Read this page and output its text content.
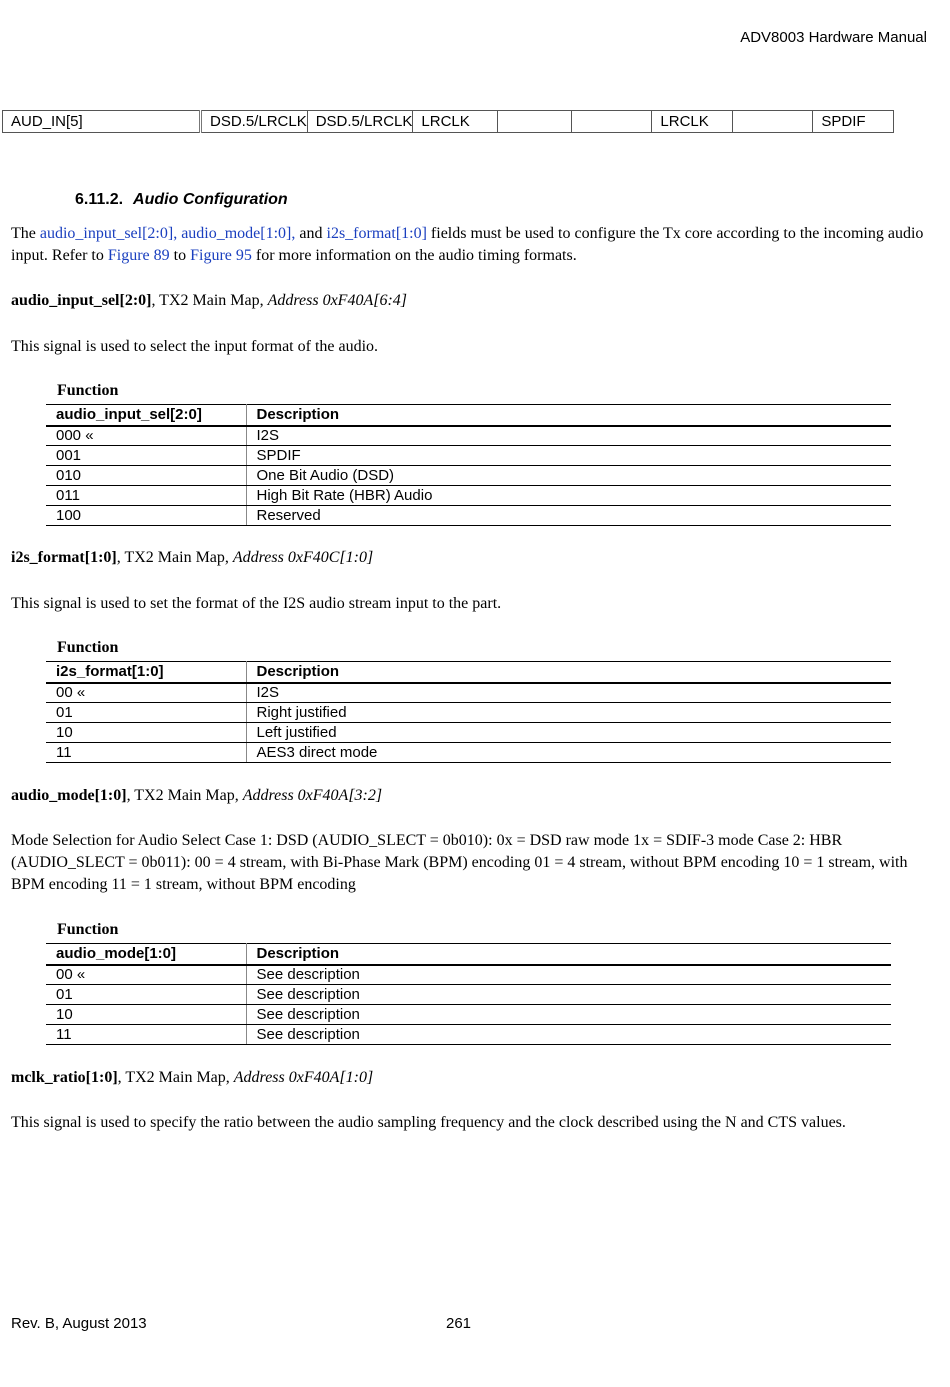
ADV8003 Hardware Manual
AUD_IN[5]	DSD.5/LRCLK	DSD.5/LRCLK	LRCLK			LRCLK		SPDIF
6.11.2. Audio Configuration
The audio_input_sel[2:0], audio_mode[1:0], and i2s_format[1:0] fields must be used to configure the Tx core according to the incoming audio input. Refer to Figure 89 to Figure 95 for more information on the audio timing formats.
audio_input_sel[2:0], TX2 Main Map, Address 0xF40A[6:4]
This signal is used to select the input format of the audio.
Function
audio_input_sel[2:0]	Description
000 «	I2S
001	SPDIF
010	One Bit Audio (DSD)
011	High Bit Rate (HBR) Audio
100	Reserved
i2s_format[1:0], TX2 Main Map, Address 0xF40C[1:0]
This signal is used to set the format of the I2S audio stream input to the part.
Function
i2s_format[1:0]	Description
00 «	I2S
01	Right justified
10	Left justified
11	AES3 direct mode
audio_mode[1:0], TX2 Main Map, Address 0xF40A[3:2]
Mode Selection for Audio Select Case 1: DSD (AUDIO_SLECT = 0b010): 0x = DSD raw mode 1x = SDIF-3 mode Case 2: HBR (AUDIO_SLECT = 0b011): 00 = 4 stream, with Bi-Phase Mark (BPM) encoding 01 = 4 stream, without BPM encoding 10 = 1 stream, with BPM encoding 11 = 1 stream, without BPM encoding
Function
audio_mode[1:0]	Description
00 «	See description
01	See description
10	See description
11	See description
mclk_ratio[1:0], TX2 Main Map, Address 0xF40A[1:0]
This signal is used to specify the ratio between the audio sampling frequency and the clock described using the N and CTS values.
Rev. B, August 2013	261
